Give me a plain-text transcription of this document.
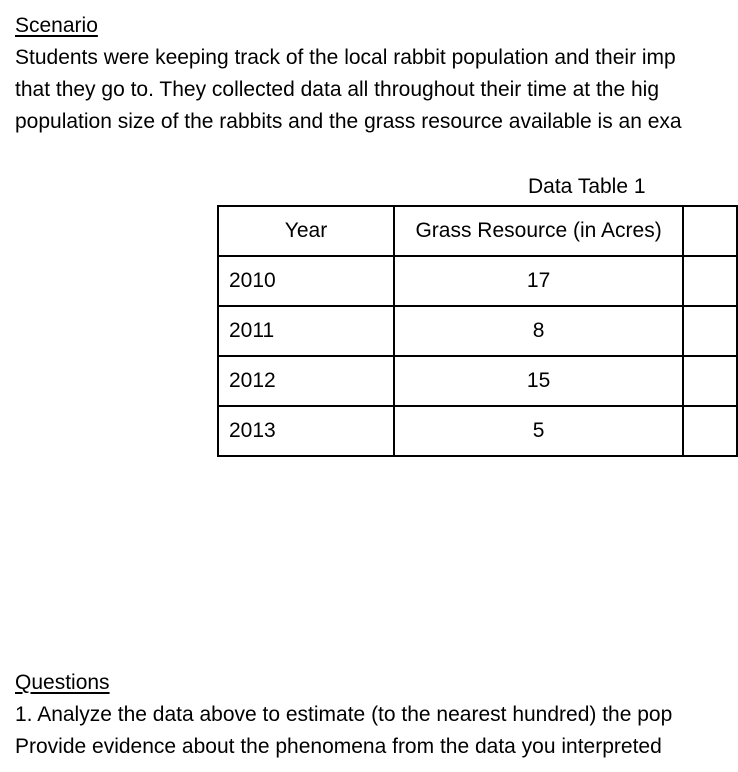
Scenario
Students were keeping track of the local rabbit population and their imp
that they go to. They collected data all throughout their time at the hig
population size of the rabbits and the grass resource available is an exa
Data Table 1
Year	Grass Resource (in Acres)	
2010	17	
2011	8	
2012	15	
2013	5	
Questions
1. Analyze the data above to estimate (to the nearest hundred) the pop
Provide evidence about the phenomena from the data you interpreted
